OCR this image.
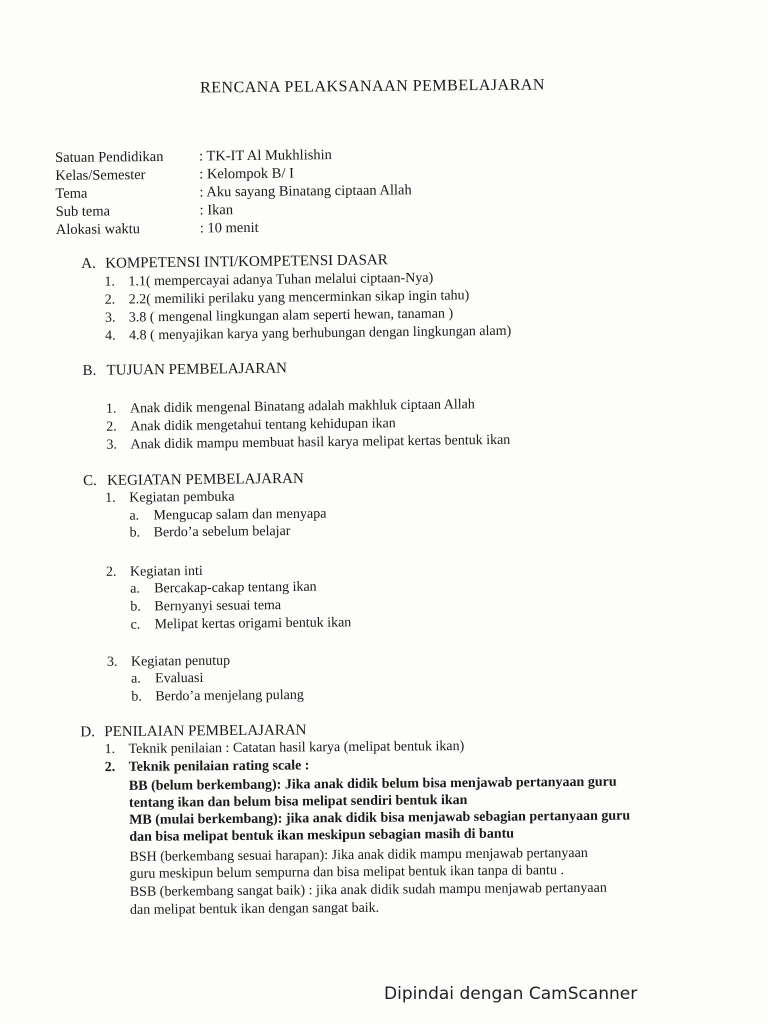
RENCANA PELAKSANAAN PEMBELAJARAN
Satuan Pendidikan : TK-IT Al Mukhlishin
Kelas/Semester	: Kelompok B/ I
Tema	: Aku sayang Binatang ciptaan Allah
Sub tema	: Ikan
Alokasi waktu	: 10 menit
A. KOMPETENSI INTI/KOMPETENSI DASAR
1. 1.1( mempercayai adanya Tuhan melalui ciptaan-Nya)
2. 2.2( memiliki perilaku yang mencerminkan sikap ingin tahu)
3. 3.8 ( mengenal lingkungan alam seperti hewan, tanaman )
4. 4.8 ( menyajikan karya yang berhubungan dengan lingkungan alam)
B. TUJUAN PEMBELAJARAN
1. Anak didik mengenal Binatang adalah makhluk ciptaan Allah
2. Anak didik mengetahui tentang kehidupan ikan
3. Anak didik mampu membuat hasil karya melipat kertas bentuk ikan
C. KEGIATAN PEMBELAJARAN
1. Kegiatan pembuka
a. Mengucap salam dan menyapa
b. Berdo’a sebelum belajar
2. Kegiatan inti
a. Bercakap-cakap tentang ikan
b. Bernyanyi sesuai tema
c. Melipat kertas origami bentuk ikan
3. Kegiatan penutup
a. Evaluasi
b. Berdo’a menjelang pulang
D. PENILAIAN PEMBELAJARAN
1. Teknik penilaian : Catatan hasil karya (melipat bentuk ikan)
2. Teknik penilaian rating scale :
BB (belum berkembang): Jika anak didik belum bisa menjawab pertanyaan guru
tentang ikan dan belum bisa melipat sendiri bentuk ikan
MB (mulai berkembang): jika anak didik bisa menjawab sebagian pertanyaan guru
dan bisa melipat bentuk ikan meskipun sebagian masih di bantu
BSH (berkembang sesuai harapan): Jika anak didik mampu menjawab pertanyaan
guru meskipun belum sempurna dan bisa melipat bentuk ikan tanpa di bantu .
BSB (berkembang sangat baik) : jika anak didik sudah mampu menjawab pertanyaan
dan melipat bentuk ikan dengan sangat baik.
Dipindai dengan CamScanner
